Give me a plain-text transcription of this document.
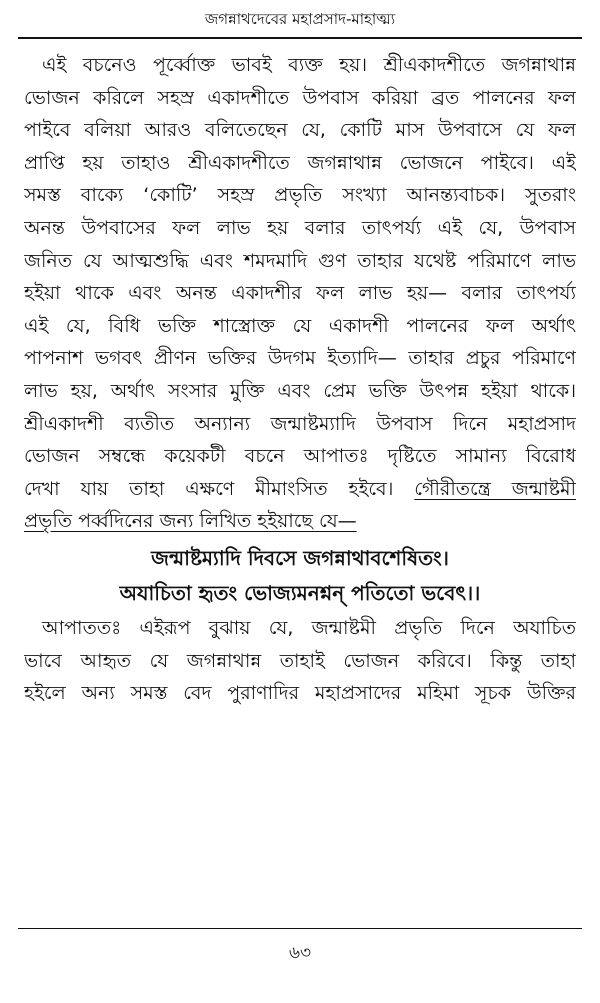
জগন্নাথদেবের মহাপ্রসাদ-মাহাত্ম্য
এই বচনেও পূর্ব্বোক্ত ভাবই ব্যক্ত হয়। শ্রীএকাদশীতে জগন্নাথান্ন
ভোজন করিলে সহস্র একাদশীতে উপবাস করিয়া ব্রত পালনের ফল
পাইবে বলিয়া আরও বলিতেছেন যে, কোটি মাস উপবাসে যে ফল
প্রাপ্তি হয় তাহাও শ্রীএকাদশীতে জগন্নাথান্ন ভোজনে পাইবে। এই
সমস্ত বাক্যে ‘কোটি’ সহস্র প্রভৃতি সংখ্যা আনন্ত্যবাচক। সুতরাং
অনন্ত উপবাসের ফল লাভ হয় বলার তাৎপর্য্য এই যে, উপবাস
জনিত যে আত্মশুদ্ধি এবং শমদমাদি গুণ তাহার যথেষ্ট পরিমাণে লাভ
হইয়া থাকে এবং অনন্ত একাদশীর ফল লাভ হয়— বলার তাৎপর্য্য
এই যে, বিধি ভক্তি শাস্ত্রোক্ত যে একাদশী পালনের ফল অর্থাৎ
পাপনাশ ভগবৎ প্রীণন ভক্তির উদগম ইত্যাদি— তাহার প্রচুর পরিমাণে
লাভ হয়, অর্থাৎ সংসার মুক্তি এবং প্রেম ভক্তি উৎপন্ন হইয়া থাকে।
শ্রীএকাদশী ব্যতীত অন্যান্য জন্মাষ্টম্যাদি উপবাস দিনে মহাপ্রসাদ
ভোজন সম্বন্ধে কয়েকটী বচনে আপাতঃ দৃষ্টিতে সামান্য বিরোধ
দেখা যায় তাহা এক্ষণে মীমাংসিত হইবে। গৌরীতন্ত্রে জন্মাষ্টমী
প্রভৃতি পর্ব্বদিনের জন্য লিখিত হইয়াছে যে—
জন্মাষ্টম্যাদি দিবসে জগন্নাথাবশেষিতং।
অযাচিতা হৃতং ভোজ্যমনশ্নন্ পতিতো ভবেৎ।।
আপাততঃ এইরূপ বুঝায় যে, জন্মাষ্টমী প্রভৃতি দিনে অযাচিত
ভাবে আহৃত যে জগন্নাথান্ন তাহাই ভোজন করিবে। কিন্তু তাহা
হইলে অন্য সমস্ত বেদ পুরাণাদির মহাপ্রসাদের মহিমা সূচক উক্তির
৬৩
